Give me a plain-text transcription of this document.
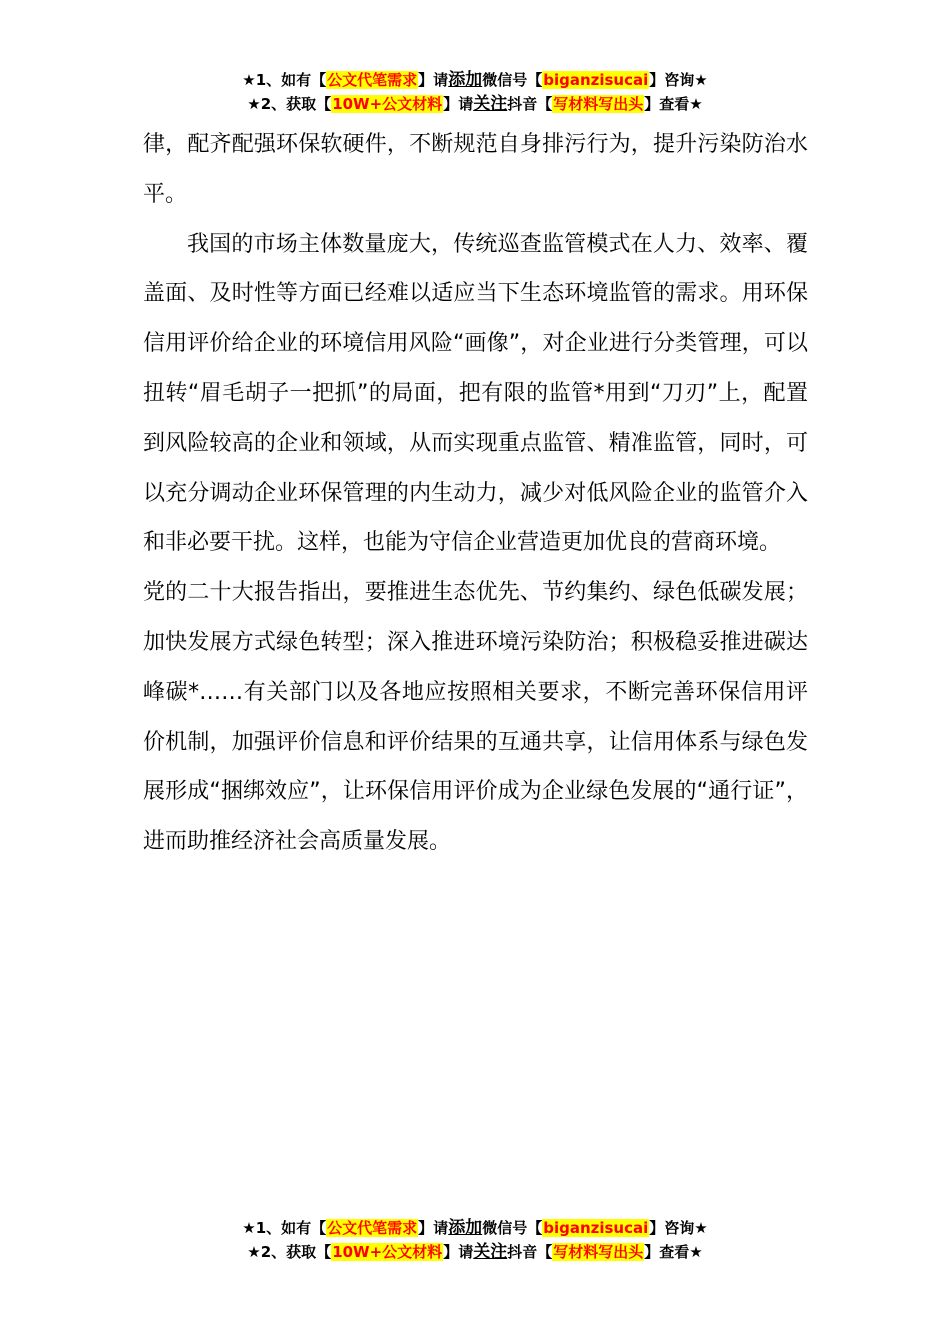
★1、如有【公文代笔需求】请添加微信号【biganzisucai】咨询★
★2、获取【10W+公文材料】请关注抖音【写材料写出头】查看★

律，配齐配强环保软硬件，不断规范自身排污行为，提升污染防治水平。

我国的市场主体数量庞大，传统巡查监管模式在人力、效率、覆盖面、及时性等方面已经难以适应当下生态环境监管的需求。用环保信用评价给企业的环境信用风险“画像”，对企业进行分类管理，可以扭转“眉毛胡子一把抓”的局面，把有限的监管*用到“刀刃”上，配置到风险较高的企业和领域，从而实现重点监管、精准监管，同时，可以充分调动企业环保管理的内生动力，减少对低风险企业的监管介入和非必要干扰。这样，也能为守信企业营造更加优良的营商环境。

党的二十大报告指出，要推进生态优先、节约集约、绿色低碳发展；加快发展方式绿色转型；深入推进环境污染防治；积极稳妥推进碳达峰碳*……有关部门以及各地应按照相关要求，不断完善环保信用评价机制，加强评价信息和评价结果的互通共享，让信用体系与绿色发展形成“捆绑效应”，让环保信用评价成为企业绿色发展的“通行证”，进而助推经济社会高质量发展。

★1、如有【公文代笔需求】请添加微信号【biganzisucai】咨询★
★2、获取【10W+公文材料】请关注抖音【写材料写出头】查看★
